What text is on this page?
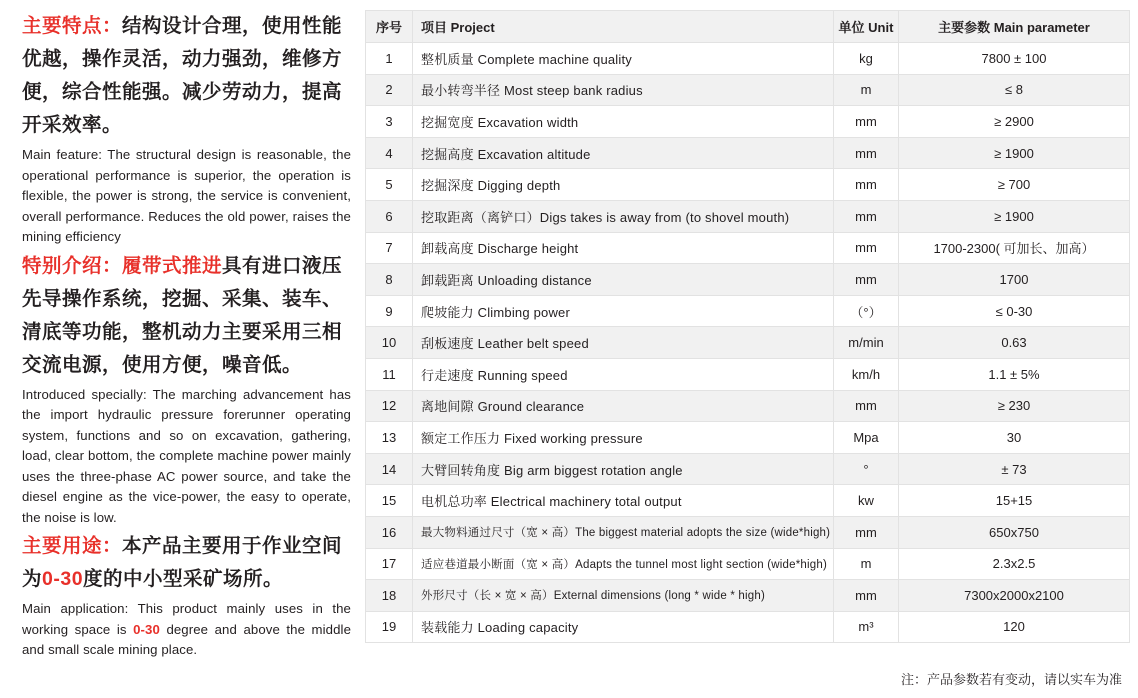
主要特点：结构设计合理，使用性能优越，操作灵活，动力强劲，维修方便，综合性能强。减少劳动力，提高开采效率。
Main feature: The structural design is reasonable, the operational performance is superior, the operation is flexible, the power is strong, the service is convenient, overall performance. Reduces the old power, raises the mining efficiency
特别介绍：履带式推进具有进口液压先导操作系统，挖掘、采集、装车、清底等功能，整机动力主要采用三相交流电源，使用方便，噪音低。
Introduced specially: The marching advancement has the import hydraulic pressure forerunner operating system, functions and so on excavation, gathering, load, clear bottom, the complete machine power mainly uses the three-phase AC power source, and take the diesel engine as the vice-power, the easy to operate, the noise is low.
主要用途：本产品主要用于作业空间为0-30度的中小型采矿场所。
Main application: This product mainly uses in the working space is 0-30 degree and above the middle and small scale mining place.
序号	项目 Project	单位 Unit	主要参数 Main parameter
1	整机质量 Complete machine quality	kg	7800 ± 100
2	最小转弯半径 Most steep bank radius	m	≤ 8
3	挖掘宽度 Excavation width	mm	≥ 2900
4	挖掘高度 Excavation altitude	mm	≥ 1900
5	挖掘深度 Digging depth	mm	≥ 700
6	挖取距离（离铲口）Digs takes is away from (to shovel mouth)	mm	≥ 1900
7	卸载高度 Discharge height	mm	1700-2300( 可加长、加高）
8	卸载距离 Unloading distance	mm	1700
9	爬坡能力 Climbing power	（°）	≤ 0-30
10	刮板速度 Leather belt speed	m/min	0.63
11	行走速度 Running speed	km/h	1.1 ± 5%
12	离地间隙 Ground clearance	mm	≥ 230
13	额定工作压力 Fixed working pressure	Mpa	30
14	大臂回转角度 Big arm biggest rotation angle	°	± 73
15	电机总功率 Electrical machinery total output	kw	15+15
16	最大物料通过尺寸（宽 × 高）The biggest material adopts the size (wide*high)	mm	650x750
17	适应巷道最小断面（宽 × 高）Adapts the tunnel most light section (wide*high)	m	2.3x2.5
18	外形尺寸（长 × 宽 × 高）External dimensions (long * wide * high)	mm	7300x2000x2100
19	装载能力 Loading capacity	m³	120
注：产品参数若有变动，请以实车为准
